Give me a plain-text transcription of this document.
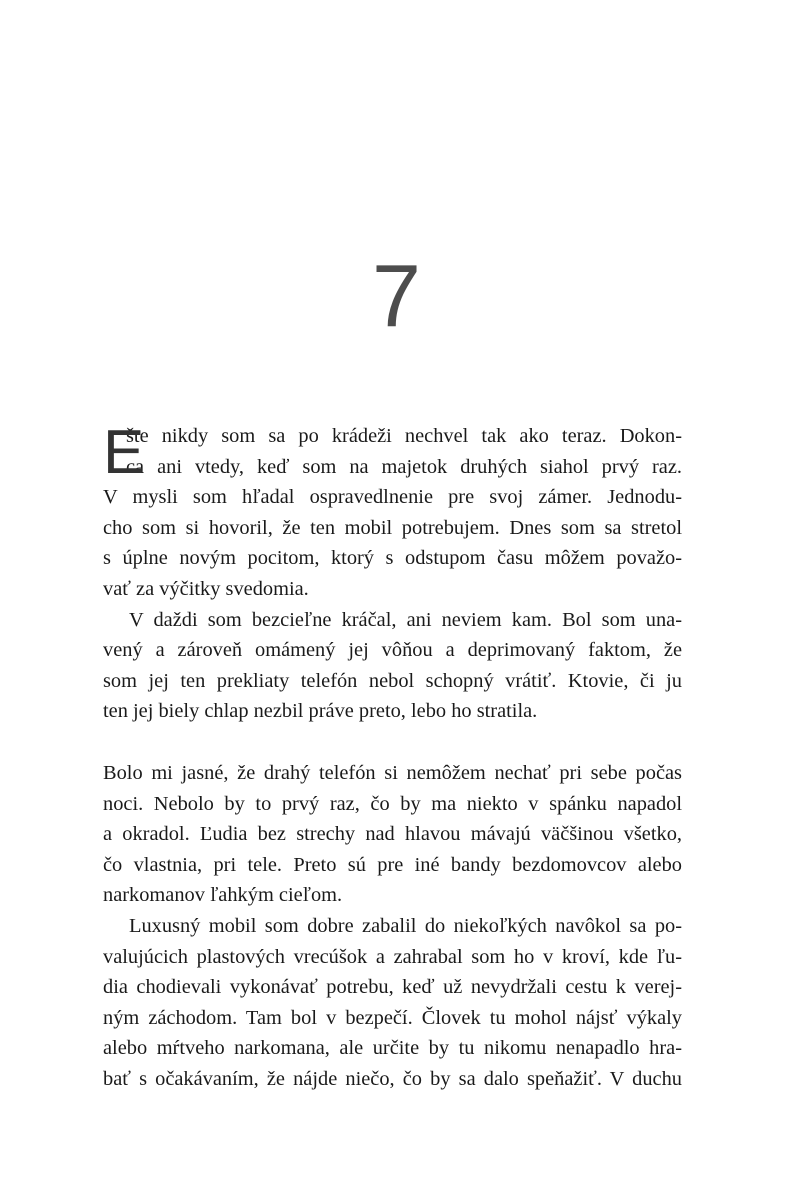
7
E
šte nikdy som sa po krádeži nechvel tak ako teraz. Dokon-
ca ani vtedy, keď som na majetok druhých siahol prvý raz.
V mysli som hľadal ospravedlnenie pre svoj zámer. Jednodu-
cho som si hovoril, že ten mobil potrebujem. Dnes som sa stretol
s úplne novým pocitom, ktorý s odstupom času môžem považo-
vať za výčitky svedomia.
V daždi som bezcieľne kráčal, ani neviem kam. Bol som una-
vený a zároveň omámený jej vôňou a deprimovaný faktom, že
som jej ten prekliaty telefón nebol schopný vrátiť. Ktovie, či ju
ten jej biely chlap nezbil práve preto, lebo ho stratila.
Bolo mi jasné, že drahý telefón si nemôžem nechať pri sebe počas
noci. Nebolo by to prvý raz, čo by ma niekto v spánku napadol
a okradol. Ľudia bez strechy nad hlavou mávajú väčšinou všetko,
čo vlastnia, pri tele. Preto sú pre iné bandy bezdomovcov alebo
narkomanov ľahkým cieľom.
Luxusný mobil som dobre zabalil do niekoľkých navôkol sa po-
valujúcich plastových vrecúšok a zahrabal som ho v kroví, kde ľu-
dia chodievali vykonávať potrebu, keď už nevydržali cestu k verej-
ným záchodom. Tam bol v bezpečí. Človek tu mohol nájsť výkaly
alebo mŕtveho narkomana, ale určite by tu nikomu nenapadlo hra-
bať s očakávaním, že nájde niečo, čo by sa dalo speňažiť. V duchu
